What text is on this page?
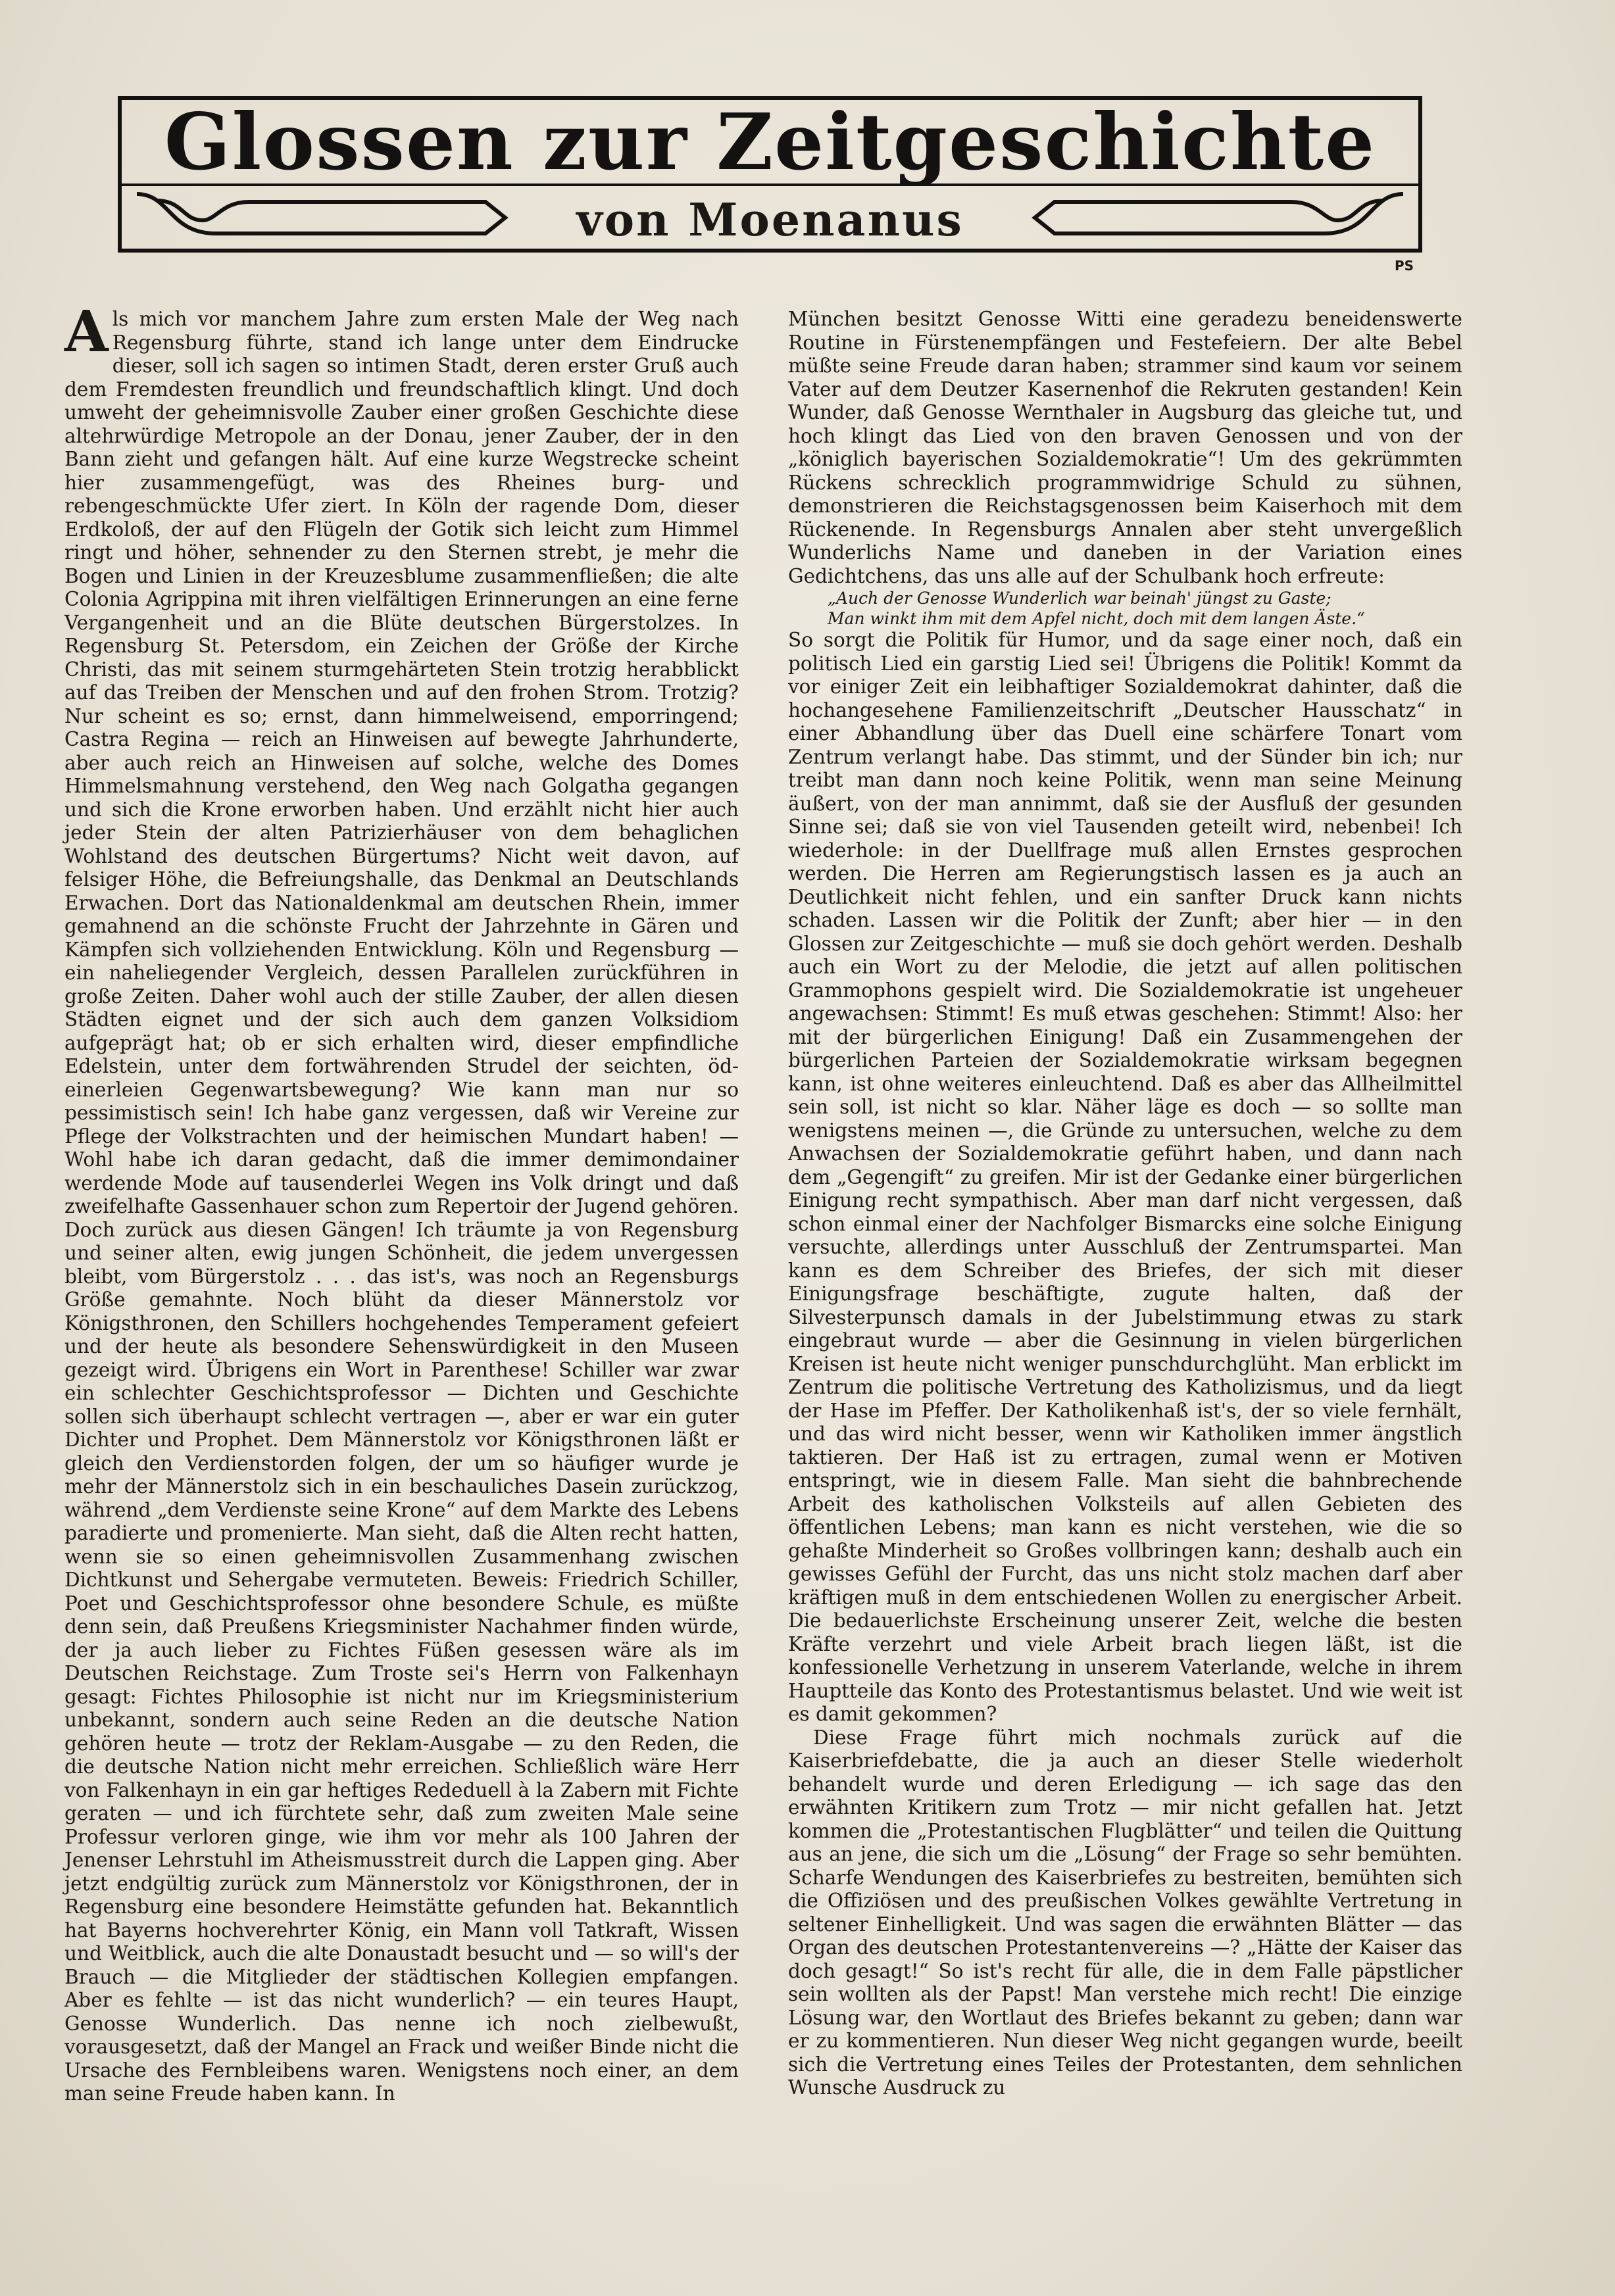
Glossen zur Zeitgeschichte
von Moenanus
PS

Als mich vor manchem Jahre zum ersten Male der Weg nach Regensburg führte, stand ich lange unter dem Eindrucke dieser, soll ich sagen so intimen Stadt, deren erster Gruß auch dem Fremdesten freundlich und freundschaftlich klingt. Und doch umweht der geheimnisvolle Zauber einer großen Geschichte diese altehrwürdige Metropole an der Donau, jener Zauber, der in den Bann zieht und gefangen hält. Auf eine kurze Wegstrecke scheint hier zusammengefügt, was des Rheines burg- und rebengeschmückte Ufer ziert. In Köln der ragende Dom, dieser Erdkoloß, der auf den Flügeln der Gotik sich leicht zum Himmel ringt und höher, sehnender zu den Sternen strebt, je mehr die Bogen und Linien in der Kreuzesblume zusammenfließen; die alte Colonia Agrippina mit ihren vielfältigen Erinnerungen an eine ferne Vergangenheit und an die Blüte deutschen Bürgerstolzes. In Regensburg St. Petersdom, ein Zeichen der Größe der Kirche Christi, das mit seinem sturmgehärteten Stein trotzig herabblickt auf das Treiben der Menschen und auf den frohen Strom. Trotzig? Nur scheint es so; ernst, dann himmelweisend, emporringend; Castra Regina — reich an Hinweisen auf bewegte Jahrhunderte, aber auch reich an Hinweisen auf solche, welche des Domes Himmelsmahnung verstehend, den Weg nach Golgatha gegangen und sich die Krone erworben haben. Und erzählt nicht hier auch jeder Stein der alten Patrizierhäuser von dem behaglichen Wohlstand des deutschen Bürgertums? Nicht weit davon, auf felsiger Höhe, die Befreiungshalle, das Denkmal an Deutschlands Erwachen. Dort das Nationaldenkmal am deutschen Rhein, immer gemahnend an die schönste Frucht der Jahrzehnte in Gären und Kämpfen sich vollziehenden Entwicklung. Köln und Regensburg — ein naheliegender Vergleich, dessen Parallelen zurückführen in große Zeiten. Daher wohl auch der stille Zauber, der allen diesen Städten eignet und der sich auch dem ganzen Volksidiom aufgeprägt hat; ob er sich erhalten wird, dieser empfindliche Edelstein, unter dem fortwährenden Strudel der seichten, öd-einerleien Gegenwartsbewegung? Wie kann man nur so pessimistisch sein! Ich habe ganz vergessen, daß wir Vereine zur Pflege der Volkstrachten und der heimischen Mundart haben! — Wohl habe ich daran gedacht, daß die immer demimondainer werdende Mode auf tausenderlei Wegen ins Volk dringt und daß zweifelhafte Gassenhauer schon zum Repertoir der Jugend gehören. Doch zurück aus diesen Gängen! Ich träumte ja von Regensburg und seiner alten, ewig jungen Schönheit, die jedem unvergessen bleibt, vom Bürgerstolz . . . das ist's, was noch an Regensburgs Größe gemahnte. Noch blüht da dieser Männerstolz vor Königsthronen, den Schillers hochgehendes Temperament gefeiert und der heute als besondere Sehenswürdigkeit in den Museen gezeigt wird. Übrigens ein Wort in Parenthese! Schiller war zwar ein schlechter Geschichtsprofessor — Dichten und Geschichte sollen sich überhaupt schlecht vertragen —, aber er war ein guter Dichter und Prophet. Dem Männerstolz vor Königsthronen läßt er gleich den Verdienstorden folgen, der um so häufiger wurde je mehr der Männerstolz sich in ein beschauliches Dasein zurückzog, während „dem Verdienste seine Krone“ auf dem Markte des Lebens paradierte und promenierte. Man sieht, daß die Alten recht hatten, wenn sie so einen geheimnisvollen Zusammenhang zwischen Dichtkunst und Sehergabe vermuteten. Beweis: Friedrich Schiller, Poet und Geschichtsprofessor ohne besondere Schule, es müßte denn sein, daß Preußens Kriegsminister Nachahmer finden würde, der ja auch lieber zu Fichtes Füßen gesessen wäre als im Deutschen Reichstage. Zum Troste sei's Herrn von Falkenhayn gesagt: Fichtes Philosophie ist nicht nur im Kriegsministerium unbekannt, sondern auch seine Reden an die deutsche Nation gehören heute — trotz der Reklam-Ausgabe — zu den Reden, die die deutsche Nation nicht mehr erreichen. Schließlich wäre Herr von Falkenhayn in ein gar heftiges Rededuell à la Zabern mit Fichte geraten — und ich fürchtete sehr, daß zum zweiten Male seine Professur verloren ginge, wie ihm vor mehr als 100 Jahren der Jenenser Lehrstuhl im Atheismusstreit durch die Lappen ging. Aber jetzt endgültig zurück zum Männerstolz vor Königsthronen, der in Regensburg eine besondere Heimstätte gefunden hat. Bekanntlich hat Bayerns hochverehrter König, ein Mann voll Tatkraft, Wissen und Weitblick, auch die alte Donaustadt besucht und — so will's der Brauch — die Mitglieder der städtischen Kollegien empfangen. Aber es fehlte — ist das nicht wunderlich? — ein teures Haupt, Genosse Wunderlich. Das nenne ich noch zielbewußt, vorausgesetzt, daß der Mangel an Frack und weißer Binde nicht die Ursache des Fernbleibens waren. Wenigstens noch einer, an dem man seine Freude haben kann. In

München besitzt Genosse Witti eine geradezu beneidenswerte Routine in Fürstenempfängen und Festefeiern. Der alte Bebel müßte seine Freude daran haben; strammer sind kaum vor seinem Vater auf dem Deutzer Kasernenhof die Rekruten gestanden! Kein Wunder, daß Genosse Wernthaler in Augsburg das gleiche tut, und hoch klingt das Lied von den braven Genossen und von der „königlich bayerischen Sozialdemokratie“! Um des gekrümmten Rückens schrecklich programmwidrige Schuld zu sühnen, demonstrieren die Reichstagsgenossen beim Kaiserhoch mit dem Rückenende. In Regensburgs Annalen aber steht unvergeßlich Wunderlichs Name und daneben in der Variation eines Gedichtchens, das uns alle auf der Schulbank hoch erfreute:

„Auch der Genosse Wunderlich war beinah' jüngst zu Gaste;

Man winkt ihm mit dem Apfel nicht, doch mit dem langen Äste.“

So sorgt die Politik für Humor, und da sage einer noch, daß ein politisch Lied ein garstig Lied sei! Übrigens die Politik! Kommt da vor einiger Zeit ein leibhaftiger Sozialdemokrat dahinter, daß die hochangesehene Familienzeitschrift „Deutscher Hausschatz“ in einer Abhandlung über das Duell eine schärfere Tonart vom Zentrum verlangt habe. Das stimmt, und der Sünder bin ich; nur treibt man dann noch keine Politik, wenn man seine Meinung äußert, von der man annimmt, daß sie der Ausfluß der gesunden Sinne sei; daß sie von viel Tausenden geteilt wird, nebenbei! Ich wiederhole: in der Duellfrage muß allen Ernstes gesprochen werden. Die Herren am Regierungstisch lassen es ja auch an Deutlichkeit nicht fehlen, und ein sanfter Druck kann nichts schaden. Lassen wir die Politik der Zunft; aber hier — in den Glossen zur Zeitgeschichte — muß sie doch gehört werden. Deshalb auch ein Wort zu der Melodie, die jetzt auf allen politischen Grammophons gespielt wird. Die Sozialdemokratie ist ungeheuer angewachsen: Stimmt! Es muß etwas geschehen: Stimmt! Also: her mit der bürgerlichen Einigung! Daß ein Zusammengehen der bürgerlichen Parteien der Sozialdemokratie wirksam begegnen kann, ist ohne weiteres einleuchtend. Daß es aber das Allheilmittel sein soll, ist nicht so klar. Näher läge es doch — so sollte man wenigstens meinen —, die Gründe zu untersuchen, welche zu dem Anwachsen der Sozialdemokratie geführt haben, und dann nach dem „Gegengift“ zu greifen. Mir ist der Gedanke einer bürgerlichen Einigung recht sympathisch. Aber man darf nicht vergessen, daß schon einmal einer der Nachfolger Bismarcks eine solche Einigung versuchte, allerdings unter Ausschluß der Zentrumspartei. Man kann es dem Schreiber des Briefes, der sich mit dieser Einigungsfrage beschäftigte, zugute halten, daß der Silvesterpunsch damals in der Jubelstimmung etwas zu stark eingebraut wurde — aber die Gesinnung in vielen bürgerlichen Kreisen ist heute nicht weniger punschdurchglüht. Man erblickt im Zentrum die politische Vertretung des Katholizismus, und da liegt der Hase im Pfeffer. Der Katholikenhaß ist's, der so viele fernhält, und das wird nicht besser, wenn wir Katholiken immer ängstlich taktieren. Der Haß ist zu ertragen, zumal wenn er Motiven entspringt, wie in diesem Falle. Man sieht die bahnbrechende Arbeit des katholischen Volksteils auf allen Gebieten des öffentlichen Lebens; man kann es nicht verstehen, wie die so gehaßte Minderheit so Großes vollbringen kann; deshalb auch ein gewisses Gefühl der Furcht, das uns nicht stolz machen darf aber kräftigen muß in dem entschiedenen Wollen zu energischer Arbeit. Die bedauerlichste Erscheinung unserer Zeit, welche die besten Kräfte verzehrt und viele Arbeit brach liegen läßt, ist die konfessionelle Verhetzung in unserem Vaterlande, welche in ihrem Hauptteile das Konto des Protestantismus belastet. Und wie weit ist es damit gekommen?

Diese Frage führt mich nochmals zurück auf die Kaiserbriefdebatte, die ja auch an dieser Stelle wiederholt behandelt wurde und deren Erledigung — ich sage das den erwähnten Kritikern zum Trotz — mir nicht gefallen hat. Jetzt kommen die „Protestantischen Flugblätter“ und teilen die Quittung aus an jene, die sich um die „Lösung“ der Frage so sehr bemühten. Scharfe Wendungen des Kaiserbriefes zu bestreiten, bemühten sich die Offiziösen und des preußischen Volkes gewählte Vertretung in seltener Einhelligkeit. Und was sagen die erwähnten Blätter — das Organ des deutschen Protestantenvereins —? „Hätte der Kaiser das doch gesagt!“ So ist's recht für alle, die in dem Falle päpstlicher sein wollten als der Papst! Man verstehe mich recht! Die einzige Lösung war, den Wortlaut des Briefes bekannt zu geben; dann war er zu kommentieren. Nun dieser Weg nicht gegangen wurde, beeilt sich die Vertretung eines Teiles der Protestanten, dem sehnlichen Wunsche Ausdruck zu
